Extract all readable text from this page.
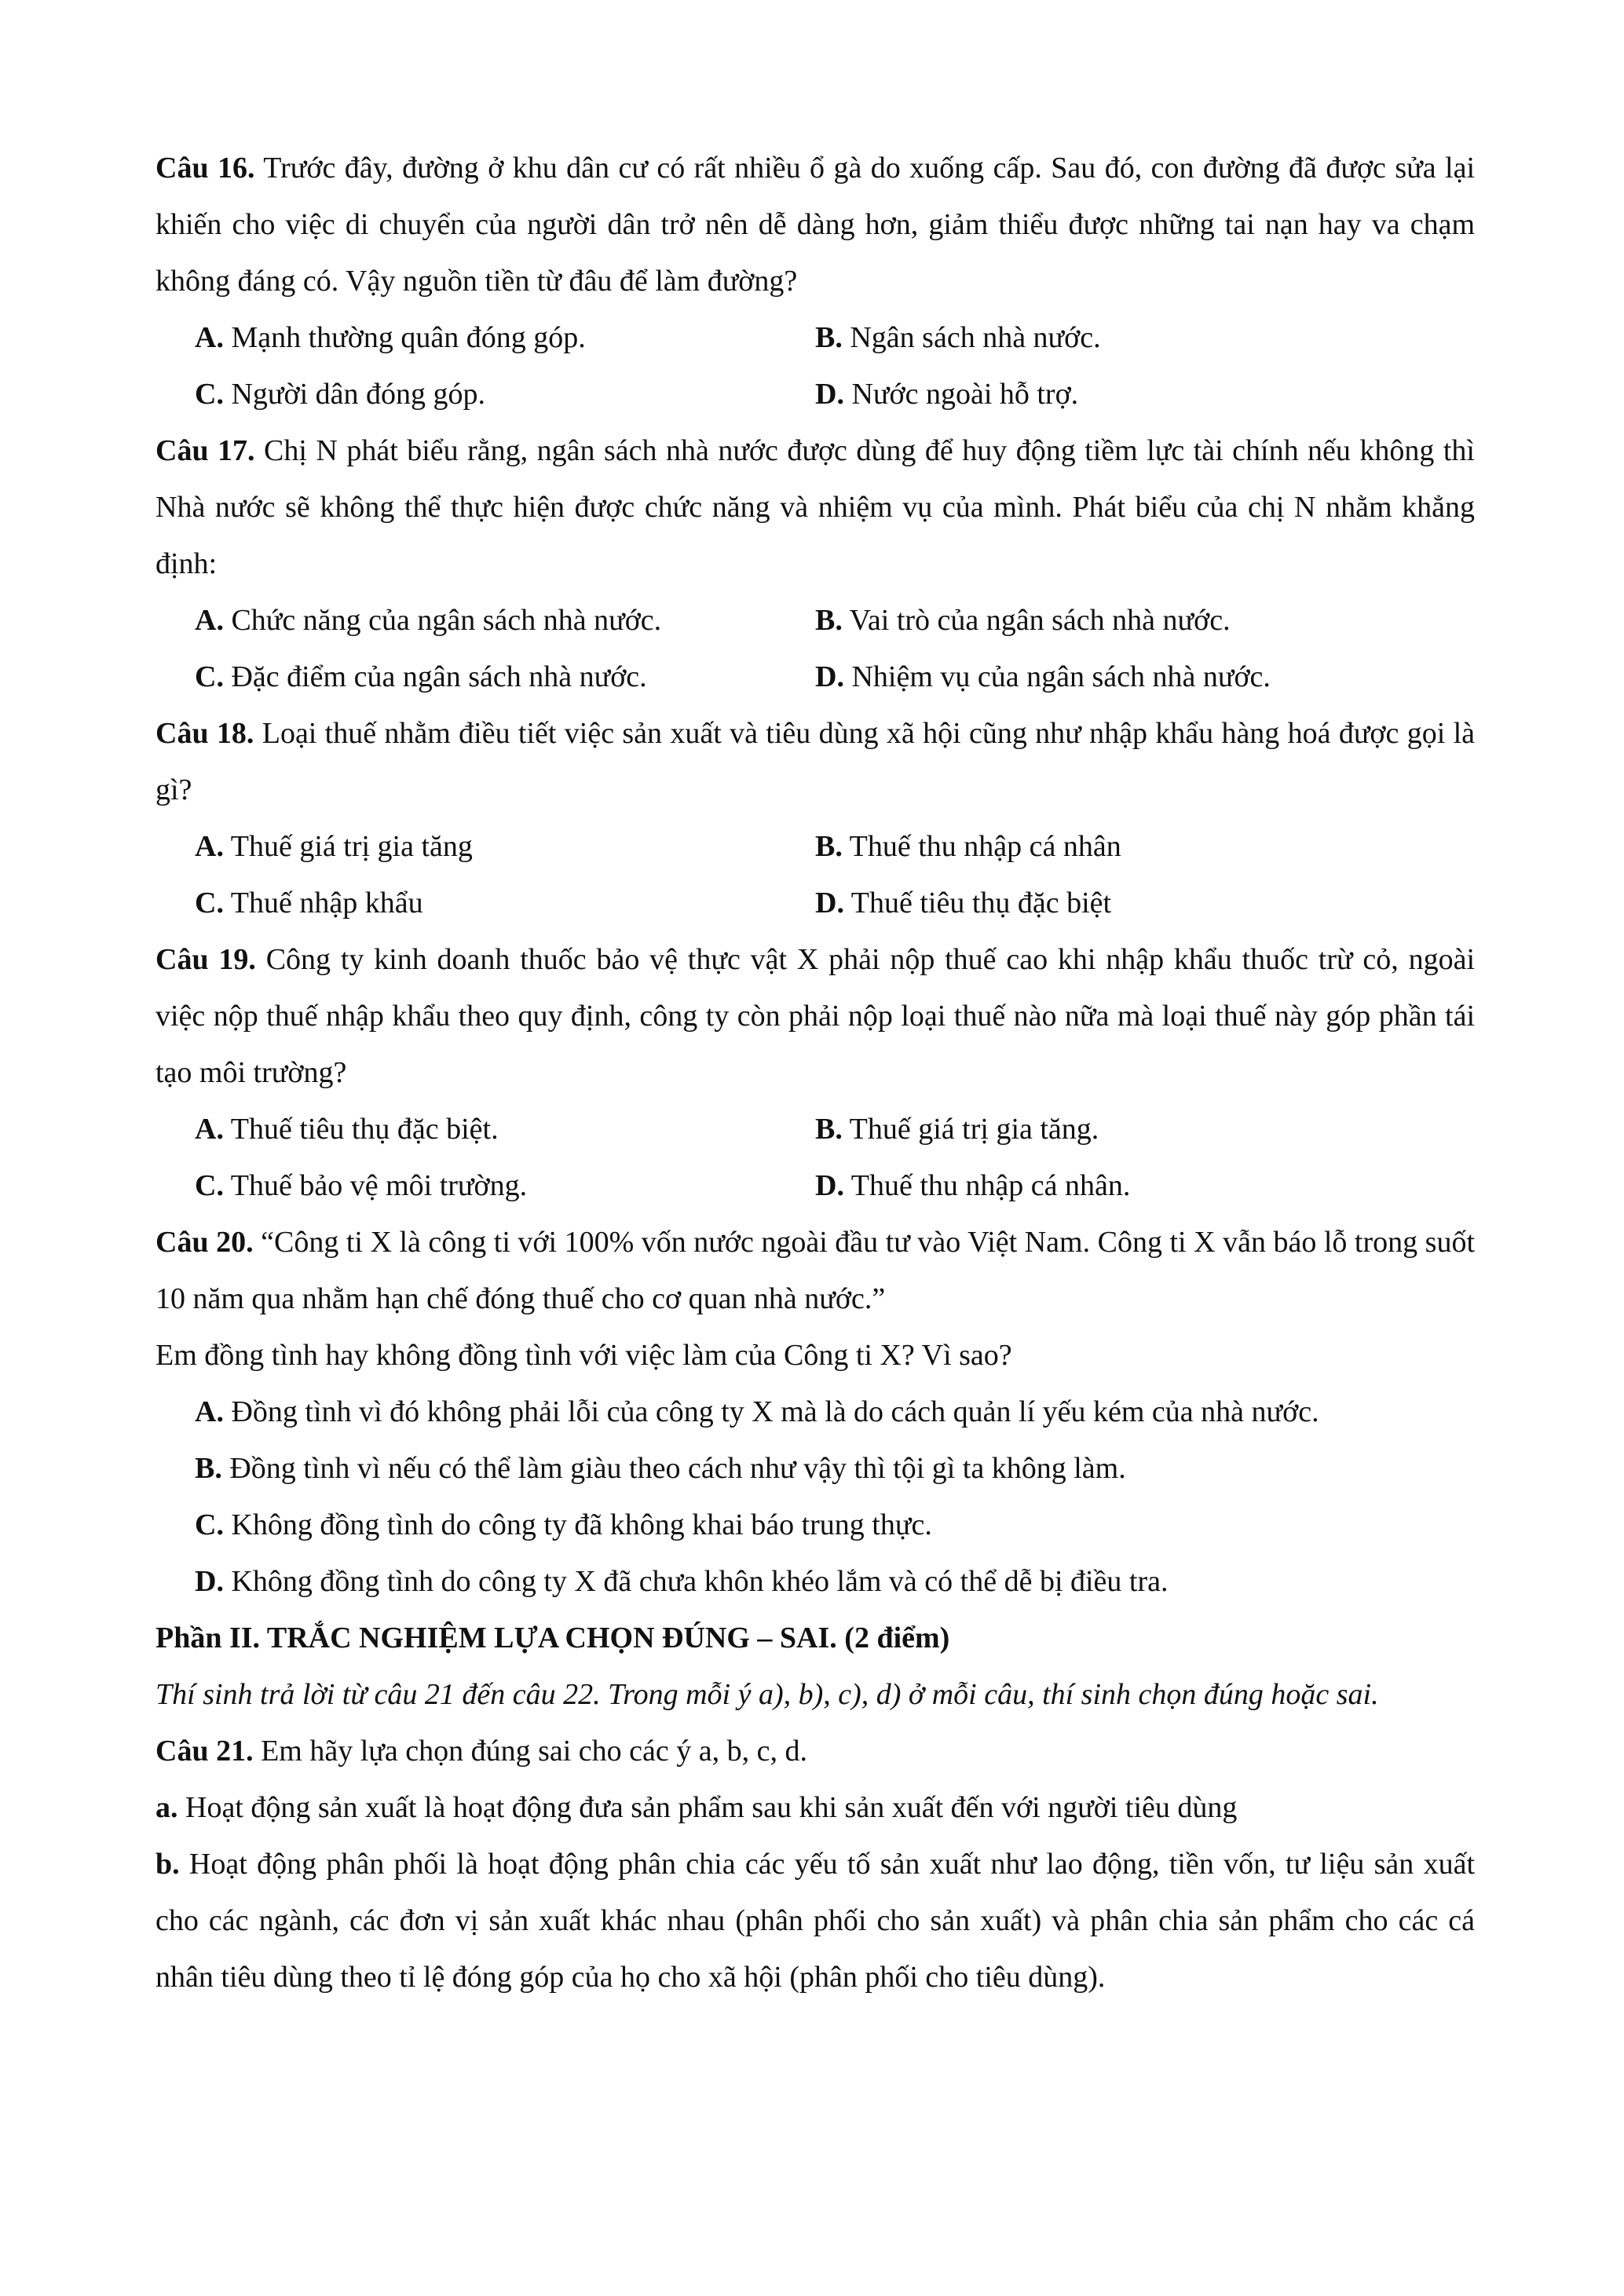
Câu 16. Trước đây, đường ở khu dân cư có rất nhiều ổ gà do xuống cấp. Sau đó, con đường đã được sửa lại khiến cho việc di chuyển của người dân trở nên dễ dàng hơn, giảm thiểu được những tai nạn hay va chạm không đáng có. Vậy nguồn tiền từ đâu để làm đường?

A. Mạnh thường quân đóng góp.	B. Ngân sách nhà nước.

C. Người dân đóng góp.	D. Nước ngoài hỗ trợ.

Câu 17. Chị N phát biểu rằng, ngân sách nhà nước được dùng để huy động tiềm lực tài chính nếu không thì Nhà nước sẽ không thể thực hiện được chức năng và nhiệm vụ của mình. Phát biểu của chị N nhằm khẳng định:

A. Chức năng của ngân sách nhà nước.	B. Vai trò của ngân sách nhà nước.

C. Đặc điểm của ngân sách nhà nước.	D. Nhiệm vụ của ngân sách nhà nước.

Câu 18. Loại thuế nhằm điều tiết việc sản xuất và tiêu dùng xã hội cũng như nhập khẩu hàng hoá được gọi là gì?

A. Thuế giá trị gia tăng	B. Thuế thu nhập cá nhân

C. Thuế nhập khẩu	D. Thuế tiêu thụ đặc biệt

Câu 19. Công ty kinh doanh thuốc bảo vệ thực vật X phải nộp thuế cao khi nhập khẩu thuốc trừ cỏ, ngoài việc nộp thuế nhập khẩu theo quy định, công ty còn phải nộp loại thuế nào nữa mà loại thuế này góp phần tái tạo môi trường?

A. Thuế tiêu thụ đặc biệt.	B. Thuế giá trị gia tăng.

C. Thuế bảo vệ môi trường.	D. Thuế thu nhập cá nhân.

Câu 20. “Công ti X là công ti với 100% vốn nước ngoài đầu tư vào Việt Nam. Công ti X vẫn báo lỗ trong suốt 10 năm qua nhằm hạn chế đóng thuế cho cơ quan nhà nước.”

Em đồng tình hay không đồng tình với việc làm của Công ti X? Vì sao?

A. Đồng tình vì đó không phải lỗi của công ty X mà là do cách quản lí yếu kém của nhà nước.

B. Đồng tình vì nếu có thể làm giàu theo cách như vậy thì tội gì ta không làm.

C. Không đồng tình do công ty đã không khai báo trung thực.

D. Không đồng tình do công ty X đã chưa khôn khéo lắm và có thể dễ bị điều tra.

Phần II. TRẮC NGHIỆM LỰA CHỌN ĐÚNG – SAI. (2 điểm)

Thí sinh trả lời từ câu 21 đến câu 22. Trong mỗi ý a), b), c), d) ở mỗi câu, thí sinh chọn đúng hoặc sai.

Câu 21. Em hãy lựa chọn đúng sai cho các ý a, b, c, d.

a. Hoạt động sản xuất là hoạt động đưa sản phẩm sau khi sản xuất đến với người tiêu dùng

b. Hoạt động phân phối là hoạt động phân chia các yếu tố sản xuất như lao động, tiền vốn, tư liệu sản xuất cho các ngành, các đơn vị sản xuất khác nhau (phân phối cho sản xuất) và phân chia sản phẩm cho các cá nhân tiêu dùng theo tỉ lệ đóng góp của họ cho xã hội (phân phối cho tiêu dùng).
